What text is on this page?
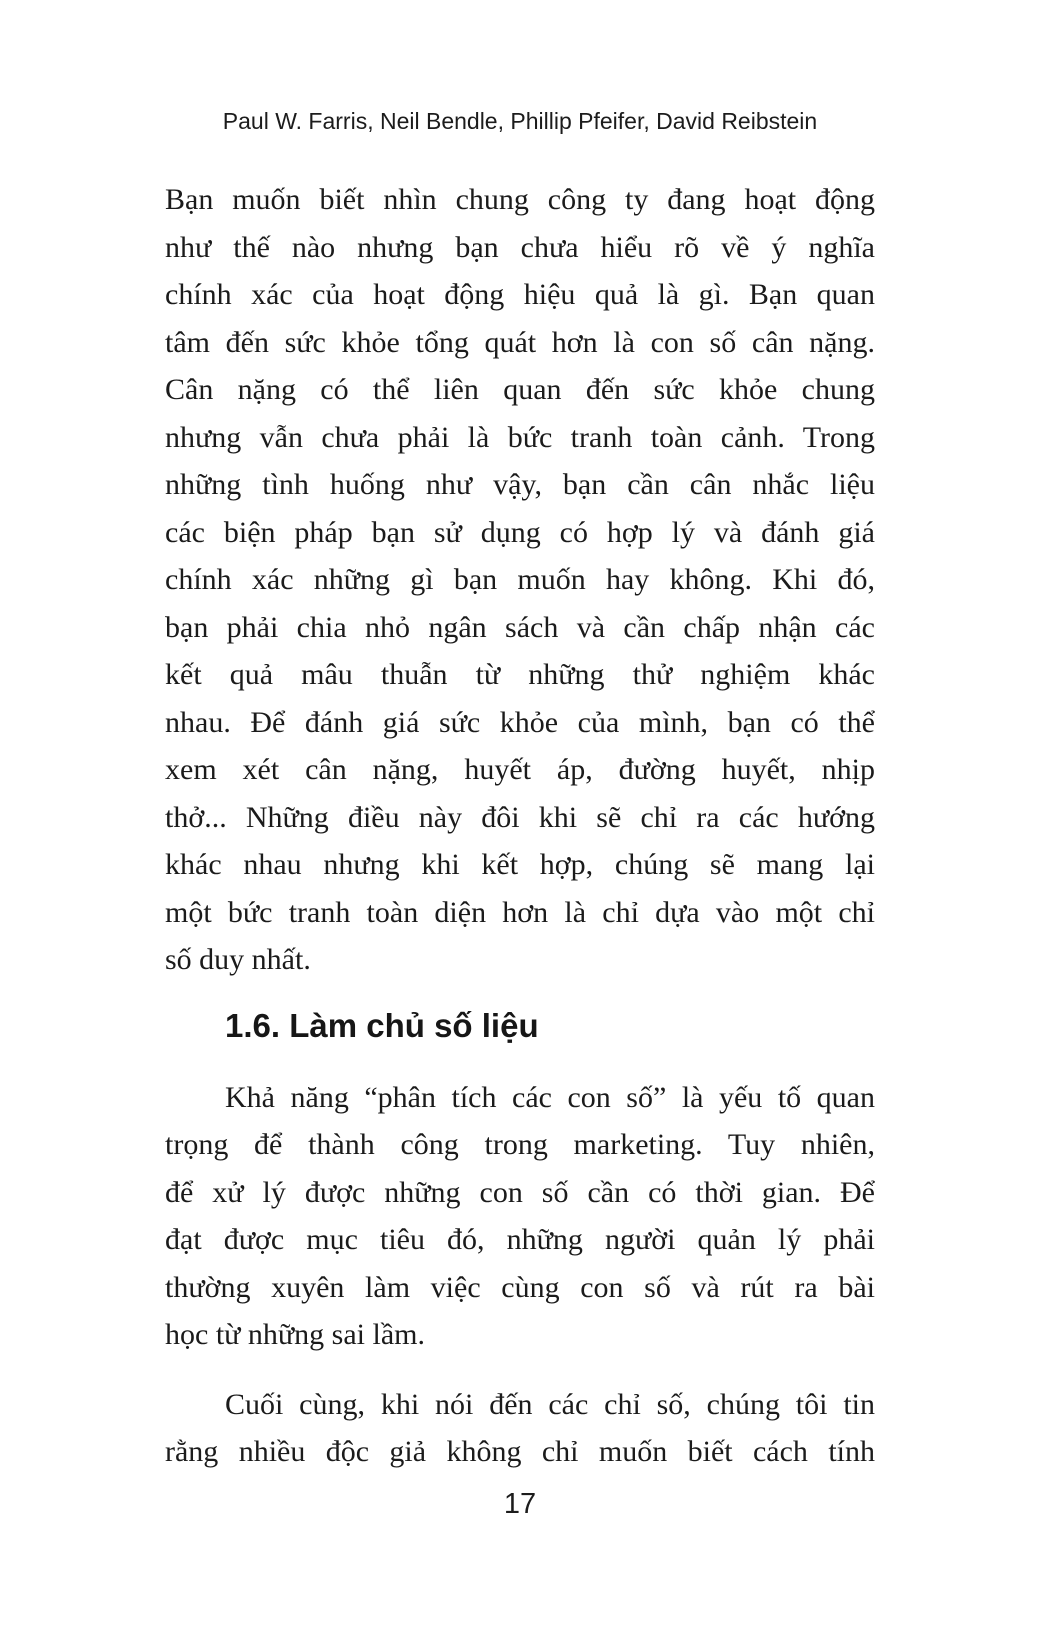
Paul W. Farris, Neil Bendle, Phillip Pfeifer, David Reibstein
Bạn muốn biết nhìn chung công ty đang hoạt động
như thế nào nhưng bạn chưa hiểu rõ về ý nghĩa
chính xác của hoạt động hiệu quả là gì. Bạn quan
tâm đến sức khỏe tổng quát hơn là con số cân nặng.
Cân nặng có thể liên quan đến sức khỏe chung
nhưng vẫn chưa phải là bức tranh toàn cảnh. Trong
những tình huống như vậy, bạn cần cân nhắc liệu
các biện pháp bạn sử dụng có hợp lý và đánh giá
chính xác những gì bạn muốn hay không. Khi đó,
bạn phải chia nhỏ ngân sách và cần chấp nhận các
kết quả mâu thuẫn từ những thử nghiệm khác
nhau. Để đánh giá sức khỏe của mình, bạn có thể
xem xét cân nặng, huyết áp, đường huyết, nhịp
thở... Những điều này đôi khi sẽ chỉ ra các hướng
khác nhau nhưng khi kết hợp, chúng sẽ mang lại
một bức tranh toàn diện hơn là chỉ dựa vào một chỉ
số duy nhất.
1.6. Làm chủ số liệu
Khả năng “phân tích các con số” là yếu tố quan
trọng để thành công trong marketing. Tuy nhiên,
để xử lý được những con số cần có thời gian. Để
đạt được mục tiêu đó, những người quản lý phải
thường xuyên làm việc cùng con số và rút ra bài
học từ những sai lầm.
Cuối cùng, khi nói đến các chỉ số, chúng tôi tin
rằng nhiều độc giả không chỉ muốn biết cách tính
17
